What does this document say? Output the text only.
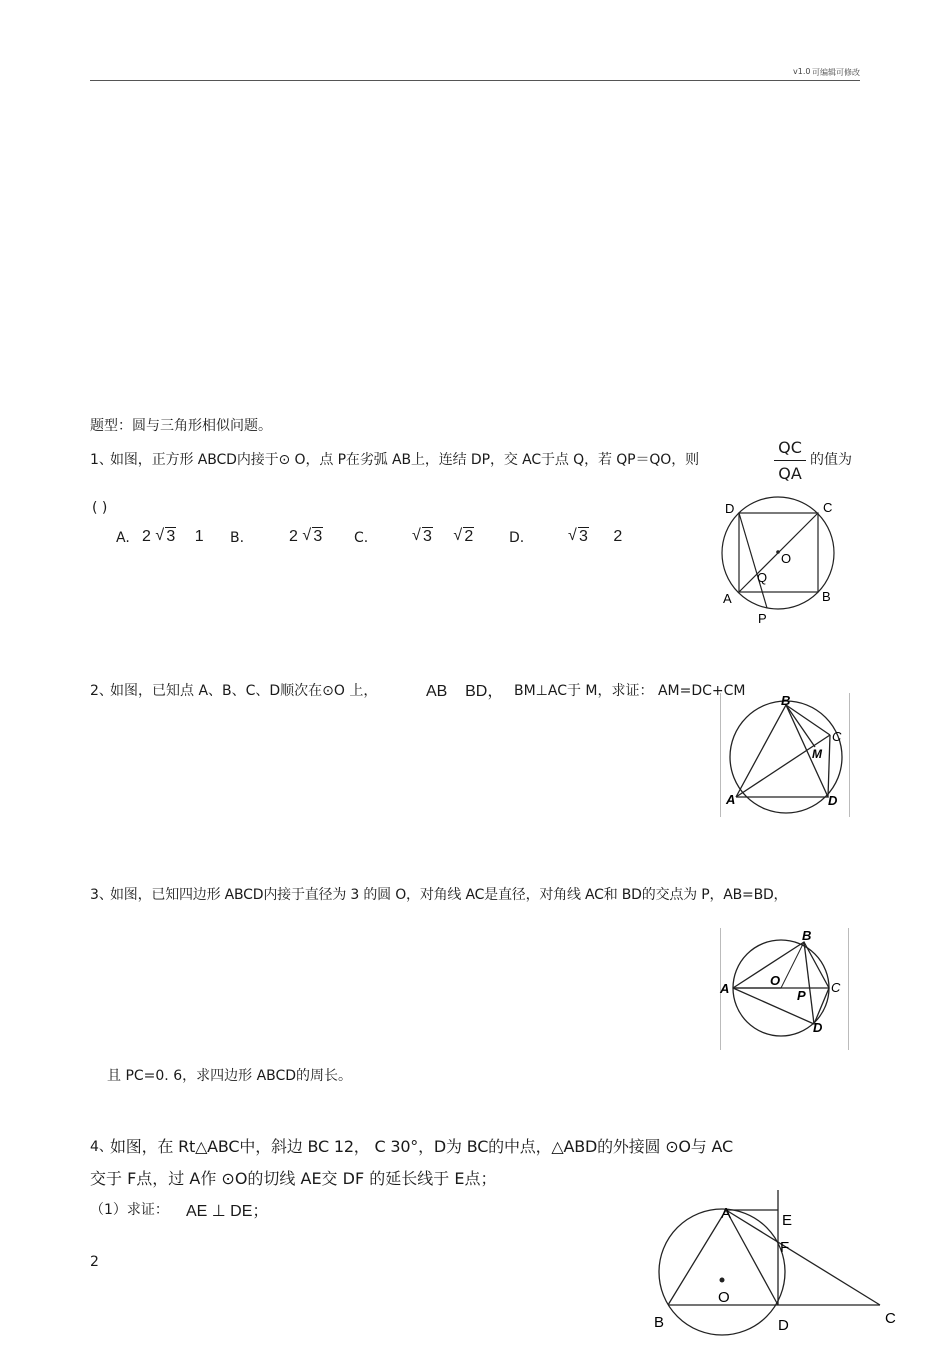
v1.0 可编辑可修改
题型：圆与三角形相似问题。
1、
如图，正方形 ABCD内接于⊙ O，点 P在劣弧 AB上，连结 DP，交 AC于点 Q，若 QP＝QO，则
QC
QA
的值为
( )
A. 2 √ 3 1 B.	2 √ 3 C.	√ 3 √ 2	D.	√ 3 2
D	C
O
Q
A	B
P
2、
如图，已知点 A、B、C、D顺次在⊙O 上，	AB    BD， BM⊥AC于 M，求证： AM=DC+CM
B
C
M
A	D
3、
如图，已知四边形 ABCD内接于直径为 3 的圆 O，对角线 AC是直径，对角线 AC和 BD的交点为 P，AB=BD，
A
B
O
P
C
D
且 PC=0. 6，求四边形 ABCD的周长。
4、
如图，在 Rt△ABC中，斜边 BC 12， C 30°，D为 BC的中点，△ABD的外接圆 ⊙O与 AC
交于 F点，过 A作 ⊙O的切线 AE交 DF 的延长线于 E点；
（1）求证： AE ⊥ DE；	A	E
F
O
B	D	C
2
